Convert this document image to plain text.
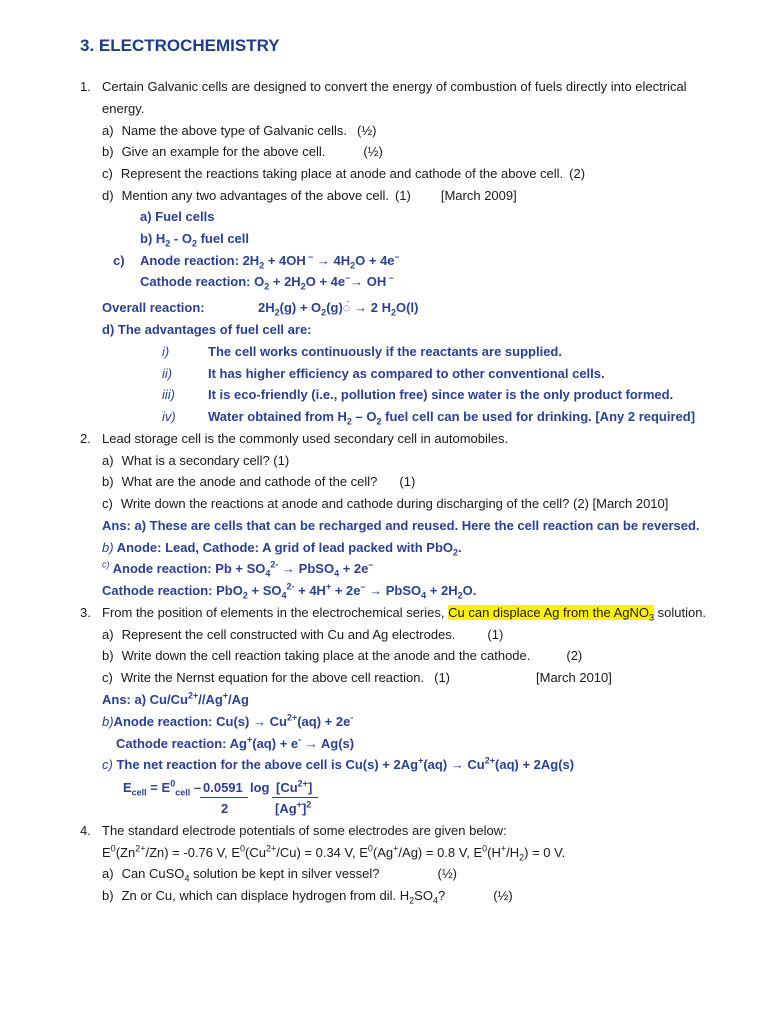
3. ELECTROCHEMISTRY
1. Certain Galvanic cells are designed to convert the energy of combustion of fuels directly into electrical
energy.
a) Name the above type of Galvanic cells. (½)
b) Give an example for the above cell.	(½)
c) Represent the reactions taking place at anode and cathode of the above cell. (2)
d) Mention any two advantages of the above cell. (1) [March 2009]
a) Fuel cells
b) $H_2 - O_2$ fuel cell
c) Anode reaction: $2H_2 + 4OH$ $^- \to 4H_2O + 4e^-$
Cathode reaction: $O_2 + 2H_2O + 4e^-\to$ OH –
Overall reaction:	$2H_2(g)$ + $O_2(g)◌̇ \to 2$ $H_2O(l)$
d) The advantages of fuel cell are:
i)	The cell works continuously if the reactants are supplied.
ii)	It has higher efficiency as compared to other conventional cells.
iii)	It is eco-friendly (i.e., pollution free) since water is the only product formed.
iv) Water obtained from $H_2 - O_2$ fuel cell can be used for drinking. [Any 2 required]
2. Lead storage cell is the commonly used secondary cell in automobiles.
a) What is a secondary cell? (1)
b) What are the anode and cathode of the cell? (1)
c) Write down the reactions at anode and cathode during discharging of the cell? (2) [March 2010]
Ans: a) These are cells that can be recharged and reused. Here the cell reaction can be reversed.
b) Anode: Lead, Cathode: A grid of lead packed with PbO$_2$.
$^{c)}$ Anode reaction: $Pb + SO_4^{2-}$ → PbSO$_4$ + 2e–
Cathode reaction: $PbO_2 + SO_4^{2-} + 4H^+ + 2e^-$ → PbSO$_4$ + $2H_2O$.
3. From the position of elements in the electrochemical series, Cu can displace Ag from the AgNO$_3$ solution.
a) Represent the cell constructed with Cu and Ag electrodes. (1)
b) Write down the cell reaction taking place at the anode and the cathode.	(2)
c) Write the Nernst equation for the above cell reaction. (1)	[March 2010]
Ans: a) $Cu/Cu^{2+}//Ag^+/Ag$
b)Anode reaction: $Cu(s) \to Cu^{2+}(aq) + 2e^-$
Cathode reaction: Ag+(aq) + e- → Ag(s)
c) The net reaction for the above cell is $Cu(s) + 2Ag^+(aq) \to Cu^{2+}(aq) + 2Ag(s)$
$E_{cell} = E^0_{cell} - 0.0591$ $\log [Cu^{2+}]$
2	$[Ag^+]^2$
4. The standard electrode potentials of some electrodes are given below:
$E^0(Zn^{2+}/Zn) = -0.76$ V, $E^0(Cu^{2+}/Cu) = 0.34$ V, $E^0(Ag^+/Ag) = 0.8$ V, $E^0(H^+/H_2) = 0$ V.
a) Can CuSO$_4$ solution be kept in silver vessel?	(½)
b) Zn or Cu, which can displace hydrogen from dil. $H_2SO_4$?	(½)
